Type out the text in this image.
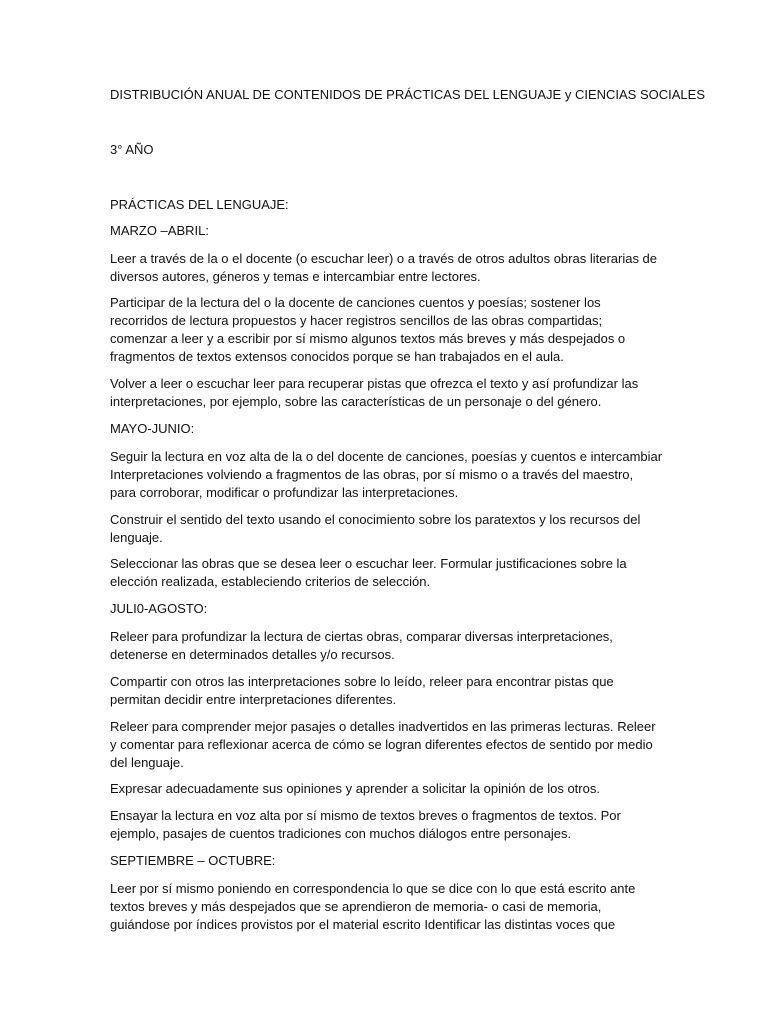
DISTRIBUCIÓN ANUAL DE CONTENIDOS DE PRÁCTICAS DEL LENGUAJE y CIENCIAS SOCIALES
3° AÑO
PRÁCTICAS DEL LENGUAJE:
MARZO –ABRIL:
Leer a través de la o el docente (o escuchar leer) o a través de otros adultos obras literarias de
diversos autores, géneros y temas e intercambiar entre lectores.
Participar de la lectura del o la docente de canciones cuentos y poesías; sostener los
recorridos de lectura propuestos y hacer registros sencillos de las obras compartidas;
comenzar a leer y a escribir por sí mismo algunos textos más breves y más despejados o
fragmentos de textos extensos conocidos porque se han trabajados en el aula.
Volver a leer o escuchar leer para recuperar pistas que ofrezca el texto y así profundizar las
interpretaciones, por ejemplo, sobre las características de un personaje o del género.
MAYO-JUNIO:
Seguir la lectura en voz alta de la o del docente de canciones, poesías y cuentos e intercambiar
Interpretaciones volviendo a fragmentos de las obras, por sí mismo o a través del maestro,
para corroborar, modificar o profundizar las interpretaciones.
Construir el sentido del texto usando el conocimiento sobre los paratextos y los recursos del
lenguaje.
Seleccionar las obras que se desea leer o escuchar leer. Formular justificaciones sobre la
elección realizada, estableciendo criterios de selección.
JULI0-AGOSTO:
Releer para profundizar la lectura de ciertas obras, comparar diversas interpretaciones,
detenerse en determinados detalles y/o recursos.
Compartir con otros las interpretaciones sobre lo leído, releer para encontrar pistas que
permitan decidir entre interpretaciones diferentes.
Releer para comprender mejor pasajes o detalles inadvertidos en las primeras lecturas. Releer
y comentar para reflexionar acerca de cómo se logran diferentes efectos de sentido por medio
del lenguaje.
Expresar adecuadamente sus opiniones y aprender a solicitar la opinión de los otros.
Ensayar la lectura en voz alta por sí mismo de textos breves o fragmentos de textos. Por
ejemplo, pasajes de cuentos tradiciones con muchos diálogos entre personajes.
SEPTIEMBRE – OCTUBRE:
Leer por sí mismo poniendo en correspondencia lo que se dice con lo que está escrito ante
textos breves y más despejados que se aprendieron de memoria- o casi de memoria,
guiándose por índices provistos por el material escrito Identificar las distintas voces que
